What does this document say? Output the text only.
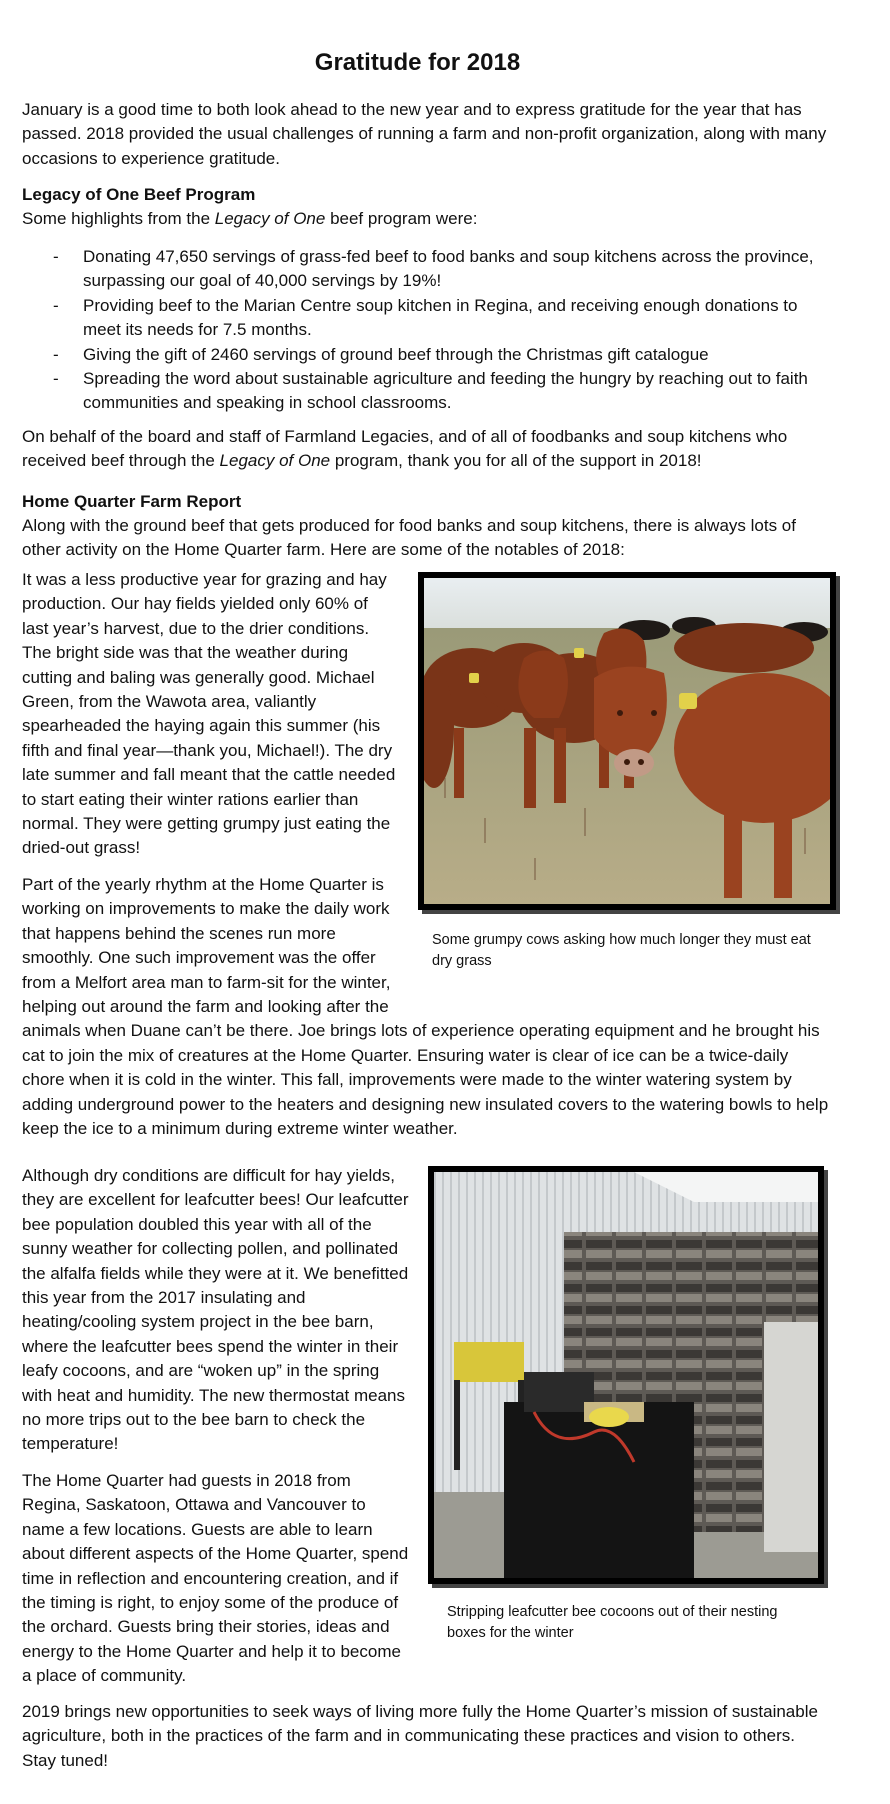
Gratitude for 2018

January is a good time to both look ahead to the new year and to express gratitude for the year that has passed. 2018 provided the usual challenges of running a farm and non-profit organization, along with many occasions to experience gratitude.

Legacy of One Beef Program

Some highlights from the Legacy of One beef program were:

- Donating 47,650 servings of grass-fed beef to food banks and soup kitchens across the province, surpassing our goal of 40,000 servings by 19%!
- Providing beef to the Marian Centre soup kitchen in Regina, and receiving enough donations to meet its needs for 7.5 months.
- Giving the gift of 2460 servings of ground beef through the Christmas gift catalogue
- Spreading the word about sustainable agriculture and feeding the hungry by reaching out to faith communities and speaking in school classrooms.

On behalf of the board and staff of Farmland Legacies, and of all of foodbanks and soup kitchens who received beef through the Legacy of One program, thank you for all of the support in 2018!

Home Quarter Farm Report

Along with the ground beef that gets produced for food banks and soup kitchens, there is always lots of other activity on the Home Quarter farm. Here are some of the notables of 2018:

Some grumpy cows asking how much longer they must eat dry grass

It was a less productive year for grazing and hay production. Our hay fields yielded only 60% of last year’s harvest, due to the drier conditions. The bright side was that the weather during cutting and baling was generally good. Michael Green, from the Wawota area, valiantly spearheaded the haying again this summer (his fifth and final year—thank you, Michael!). The dry late summer and fall meant that the cattle needed to start eating their winter rations earlier than normal. They were getting grumpy just eating the dried-out grass!

Part of the yearly rhythm at the Home Quarter is working on improvements to make the daily work that happens behind the scenes run more smoothly. One such improvement was the offer from a Melfort area man to farm-sit for the winter, helping out around the farm and looking after the animals when Duane can’t be there. Joe brings lots of experience operating equipment and he brought his cat to join the mix of creatures at the Home Quarter. Ensuring water is clear of ice can be a twice-daily chore when it is cold in the winter. This fall, improvements were made to the winter watering system by adding underground power to the heaters and designing new insulated covers to the watering bowls to help keep the ice to a minimum during extreme winter weather.

Stripping leafcutter bee cocoons out of their nesting boxes for the winter

Although dry conditions are difficult for hay yields, they are excellent for leafcutter bees! Our leafcutter bee population doubled this year with all of the sunny weather for collecting pollen, and pollinated the alfalfa fields while they were at it. We benefitted this year from the 2017 insulating and heating/cooling system project in the bee barn, where the leafcutter bees spend the winter in their leafy cocoons, and are “woken up” in the spring with heat and humidity. The new thermostat means no more trips out to the bee barn to check the temperature!

The Home Quarter had guests in 2018 from Regina, Saskatoon, Ottawa and Vancouver to name a few locations. Guests are able to learn about different aspects of the Home Quarter, spend time in reflection and encountering creation, and if the timing is right, to enjoy some of the produce of the orchard. Guests bring their stories, ideas and energy to the Home Quarter and help it to become a place of community.

2019 brings new opportunities to seek ways of living more fully the Home Quarter’s mission of sustainable agriculture, both in the practices of the farm and in communicating these practices and vision to others. Stay tuned!
